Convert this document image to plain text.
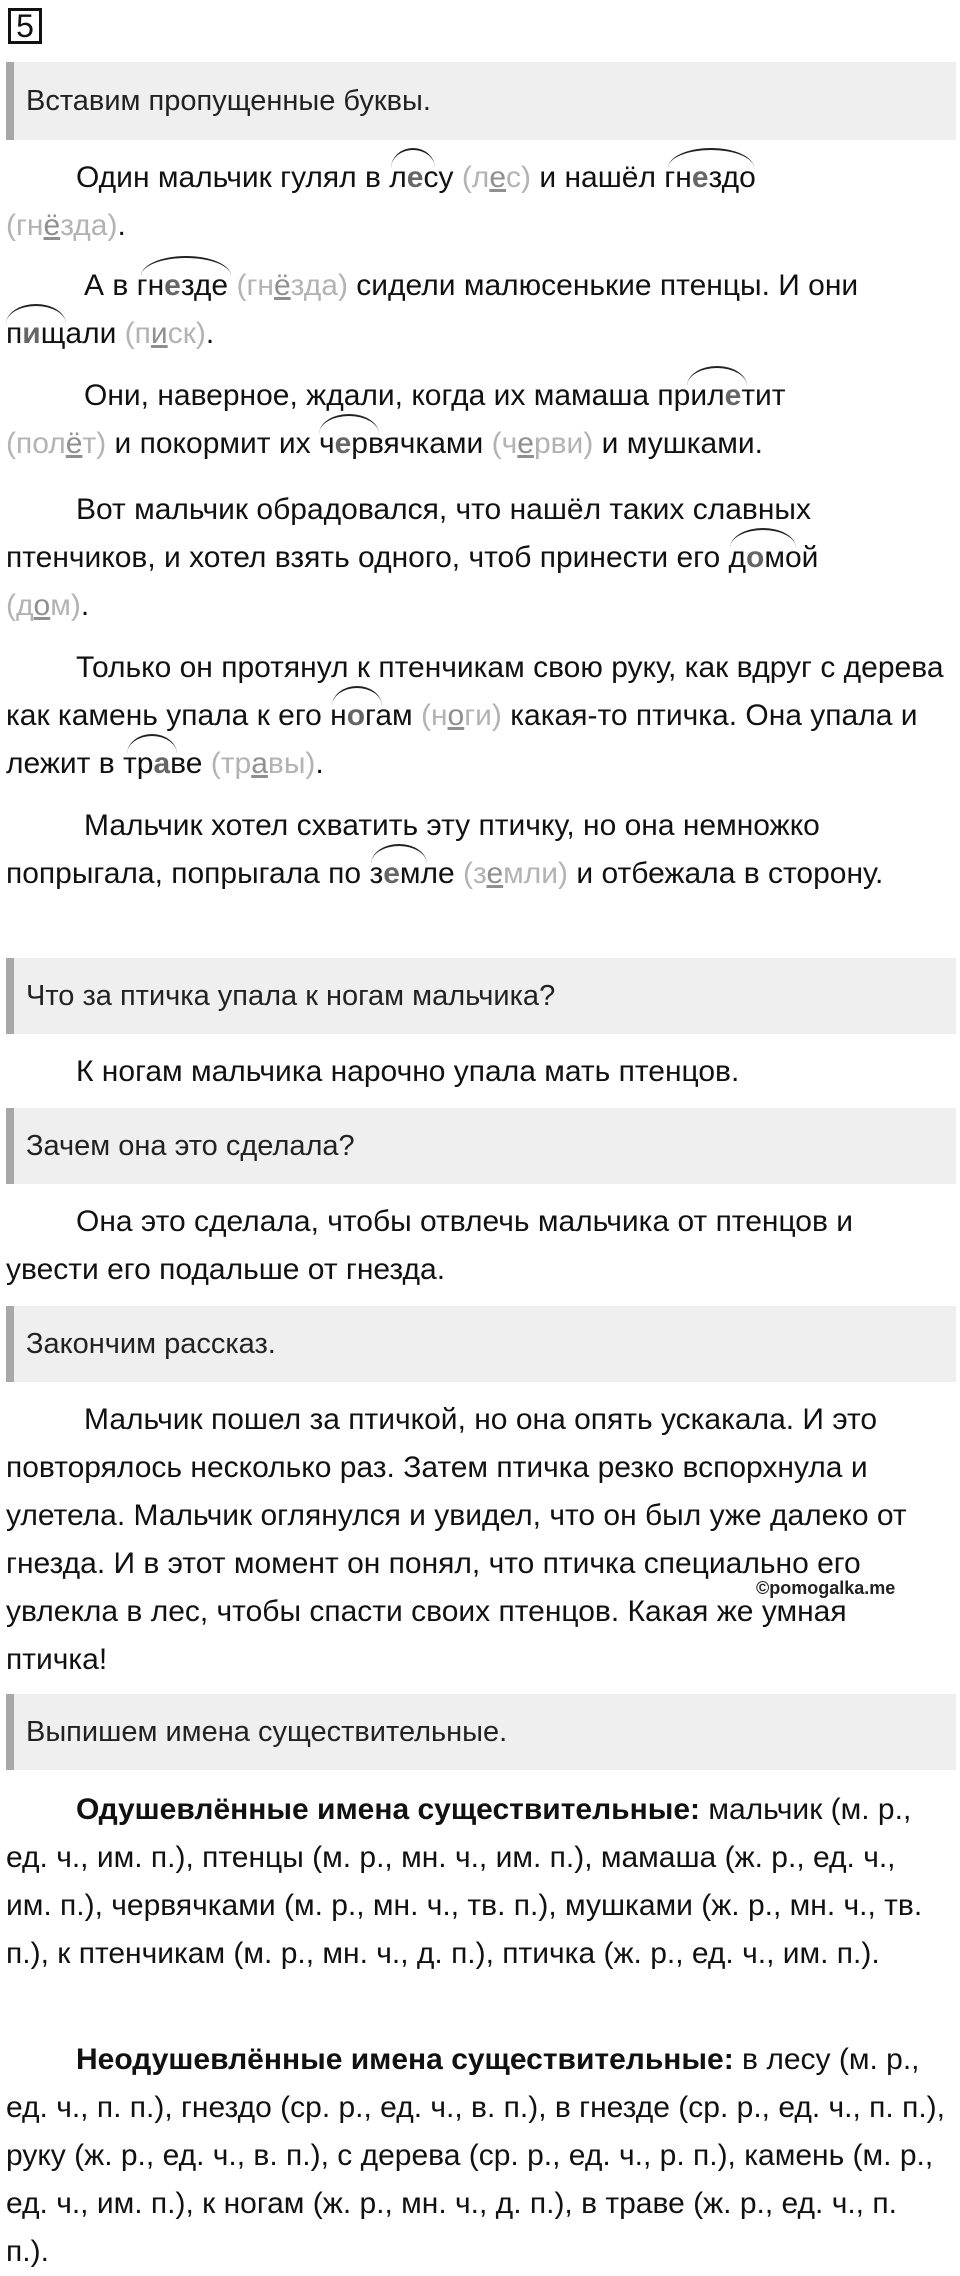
5
Вставим пропущенные буквы.
Один мальчик гулял в
лесу (лес) и нашёл
гнездо
(гнёзда).
А в
гнезде (гнёзда) сидели малюсенькие птенцы. И они

пищали (писк).
Они, наверное, ждали, когда их мамаша
прилетит
(полёт) и покормит их
червячками (черви) и мушками.
Вот мальчик обрадовался, что нашёл таких славных птенчиков, и хотел взять одного, чтоб принести его
домой
(дом).
Только он протянул к птенчикам свою руку, как вдруг с дерева как камень упала к его
ногам (ноги) какая-то птичка. Она упала и лежит в
траве (травы).
Мальчик хотел схватить эту птичку, но она немножко попрыгала, попрыгала по
земле (земли) и отбежала в сторону.
Что за птичка упала к ногам мальчика?
К ногам мальчика нарочно упала мать птенцов.
Зачем она это сделала?
Она это сделала, чтобы отвлечь мальчика от птенцов и увести его подальше от гнезда.
Закончим рассказ.
Мальчик пошел за птичкой, но она опять ускакала. И это повторялось несколько раз. Затем птичка резко вспорхнула и улетела. Мальчик оглянулся и увидел, что он был уже далеко от гнезда. И в этот момент он понял, что птичка специально его увлекла в лес, чтобы спасти своих птенцов. Какая же умная птичка!
©pomogalka.me
Выпишем имена существительные.
Одушевлённые имена существительные: мальчик (м. р., ед. ч., им. п.), птенцы (м. р., мн. ч., им. п.), мамаша (ж. р., ед. ч., им. п.), червячками (м. р., мн. ч., тв. п.), мушками (ж. р., мн. ч., тв. п.), к птенчикам (м. р., мн. ч., д. п.), птичка (ж. р., ед. ч., им. п.).
Неодушевлённые имена существительные: в лесу (м. р., ед. ч., п. п.), гнездо (ср. р., ед. ч., в. п.), в гнезде (ср. р., ед. ч., п. п.), руку (ж. р., ед. ч., в. п.), с дерева (ср. р., ед. ч., р. п.), камень (м. р., ед. ч., им. п.), к ногам (ж. р., мн. ч., д. п.), в траве (ж. р., ед. ч., п. п.).
